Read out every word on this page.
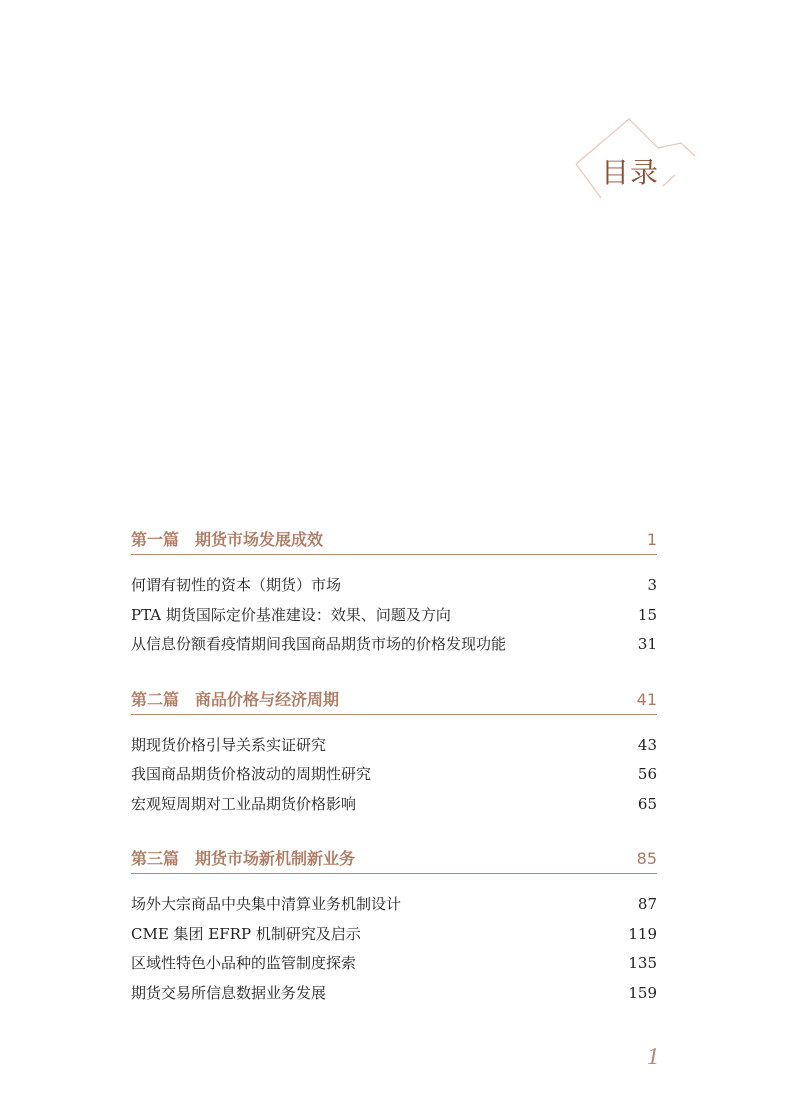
目录
第一篇 期货市场发展成效	1
何谓有韧性的资本（期货）市场	3
PTA 期货国际定价基准建设：效果、问题及方向	15
从信息份额看疫情期间我国商品期货市场的价格发现功能	31
第二篇 商品价格与经济周期	41
期现货价格引导关系实证研究	43
我国商品期货价格波动的周期性研究	56
宏观短周期对工业品期货价格影响	65
第三篇 期货市场新机制新业务	85
场外大宗商品中央集中清算业务机制设计	87
CME 集团 EFRP 机制研究及启示	119
区域性特色小品种的监管制度探索	135
期货交易所信息数据业务发展	159
1
